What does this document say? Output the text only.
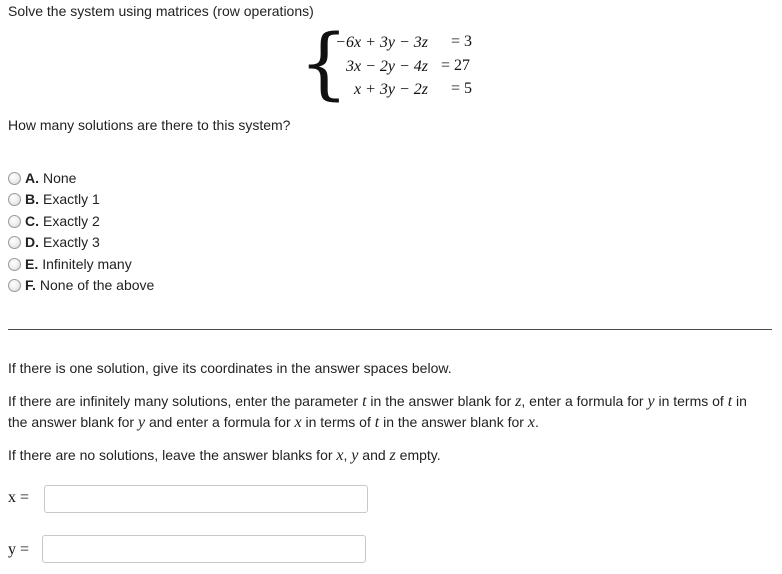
Solve the system using matrices (row operations)
{
−6x + 3y − 3z
3x − 2y − 4z
x + 3y − 2z
= 3
= 27
= 5
How many solutions are there to this system?
A. None
B. Exactly 1
C. Exactly 2
D. Exactly 3
E. Infinitely many
F. None of the above
If there is one solution, give its coordinates in the answer spaces below.
If there are infinitely many solutions, enter the parameter t in the answer blank for z, enter a formula for y in terms of t in the answer blank for y and enter a formula for x in terms of t in the answer blank for x.
If there are no solutions, leave the answer blanks for x, y and z empty.
x =
y =
